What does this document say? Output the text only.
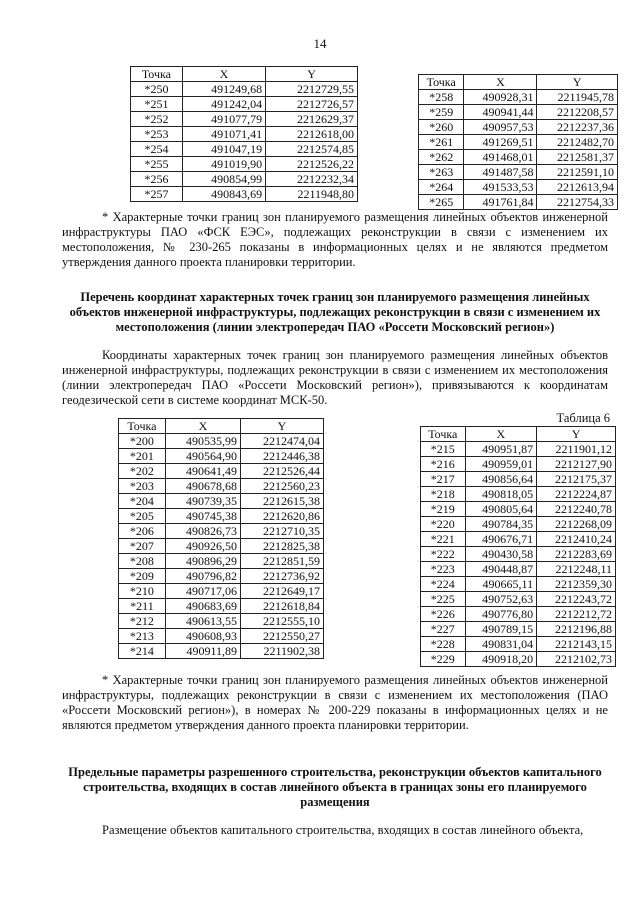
14
Точка	X	Y
*250	491249,68	2212729,55
*251	491242,04	2212726,57
*252	491077,79	2212629,37
*253	491071,41	2212618,00
*254	491047,19	2212574,85
*255	491019,90	2212526,22
*256	490854,99	2212232,34
*257	490843,69	2211948,80
Точка	X	Y
*258	490928,31	2211945,78
*259	490941,44	2212208,57
*260	490957,53	2212237,36
*261	491269,51	2212482,70
*262	491468,01	2212581,37
*263	491487,58	2212591,10
*264	491533,53	2212613,94
*265	491761,84	2212754,33
* Характерные точки границ зон планируемого размещения линейных объектов инженерной инфраструктуры ПАО «ФСК ЕЭС», подлежащих реконструкции в связи с изменением их местоположения, № 230-265 показаны в информационных целях и не являются предметом утверждения данного проекта планировки территории.
Перечень координат характерных точек границ зон планируемого размещения линейных объектов инженерной инфраструктуры, подлежащих реконструкции в связи с изменением их местоположения (линии электропередач ПАО «Россети Московский регион»)
Координаты характерных точек границ зон планируемого размещения линейных объектов инженерной инфраструктуры, подлежащих реконструкции в связи с изменением их местоположения (линии электропередач ПАО «Россети Московский регион»), привязываются к координатам геодезической сети в системе координат МСК-50.
Таблица 6
Точка	X	Y
*200	490535,99	2212474,04
*201	490564,90	2212446,38
*202	490641,49	2212526,44
*203	490678,68	2212560,23
*204	490739,35	2212615,38
*205	490745,38	2212620,86
*206	490826,73	2212710,35
*207	490926,50	2212825,38
*208	490896,29	2212851,59
*209	490796,82	2212736,92
*210	490717,06	2212649,17
*211	490683,69	2212618,84
*212	490613,55	2212555,10
*213	490608,93	2212550,27
*214	490911,89	2211902,38
Точка	X	Y
*215	490951,87	2211901,12
*216	490959,01	2212127,90
*217	490856,64	2212175,37
*218	490818,05	2212224,87
*219	490805,64	2212240,78
*220	490784,35	2212268,09
*221	490676,71	2212410,24
*222	490430,58	2212283,69
*223	490448,87	2212248,11
*224	490665,11	2212359,30
*225	490752,63	2212243,72
*226	490776,80	2212212,72
*227	490789,15	2212196,88
*228	490831,04	2212143,15
*229	490918,20	2212102,73
* Характерные точки границ зон планируемого размещения линейных объектов инженерной инфраструктуры, подлежащих реконструкции в связи с изменением их местоположения (ПАО «Россети Московский регион»), в номерах № 200-229 показаны в информационных целях и не являются предметом утверждения данного проекта планировки территории.
Предельные параметры разрешенного строительства, реконструкции объектов капитального строительства, входящих в состав линейного объекта в границах зоны его планируемого размещения
Размещение объектов капитального строительства, входящих в состав линейного объекта,
